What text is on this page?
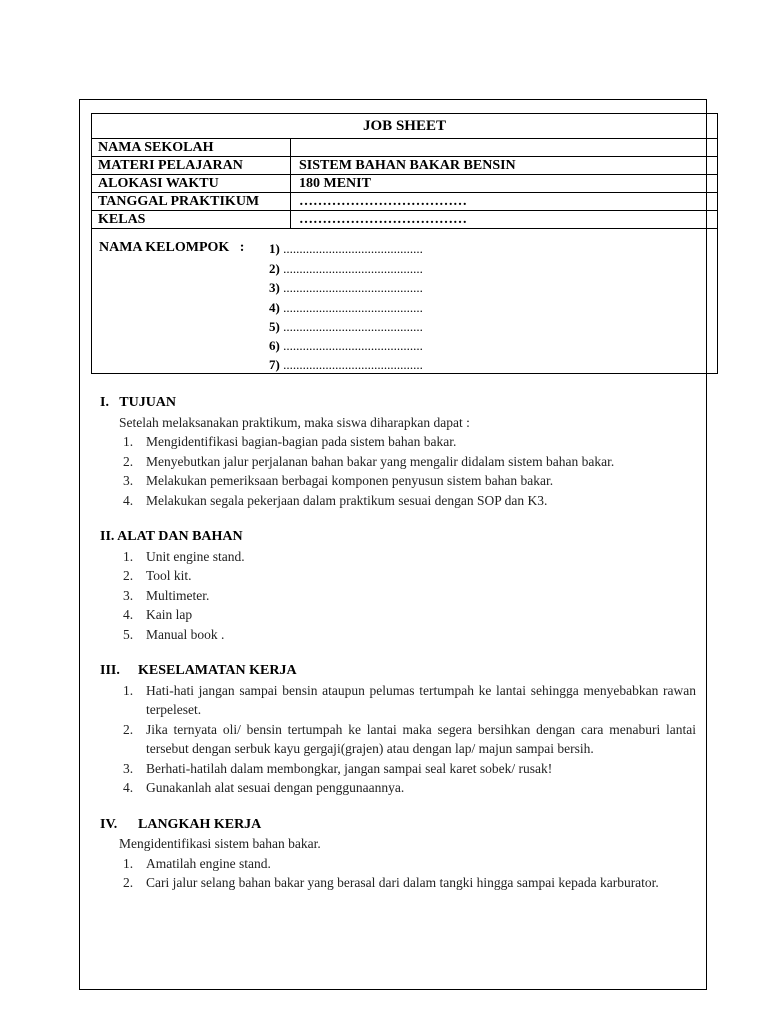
JOB SHEET
NAMA SEKOLAH
MATERI PELAJARAN	SISTEM BAHAN BAKAR BENSIN
ALOKASI WAKTU	180 MENIT
TANGGAL PRAKTIKUM	………………………………
KELAS	………………………………
NAMA KELOMPOK   : 1) ...........................................
2) ...........................................
3) ...........................................
4) ...........................................
5) ...........................................
6) ...........................................
7) ...........................................
I. TUJUAN
Setelah melaksanakan praktikum, maka siswa diharapkan dapat :
1. Mengidentifikasi bagian-bagian pada sistem bahan bakar.
2. Menyebutkan jalur perjalanan bahan bakar yang mengalir didalam sistem bahan bakar.
3. Melakukan pemeriksaan berbagai komponen penyusun sistem bahan bakar.
4. Melakukan segala pekerjaan dalam praktikum sesuai dengan SOP dan K3.
II. ALAT DAN BAHAN
1. Unit engine stand.
2. Tool kit.
3. Multimeter.
4. Kain lap
5. Manual book .
III. KESELAMATAN KERJA
1. Hati-hati jangan sampai bensin ataupun pelumas tertumpah ke lantai sehingga menyebabkan rawan terpeleset.
2. Jika ternyata oli/ bensin tertumpah ke lantai maka segera bersihkan dengan cara menaburi lantai tersebut dengan serbuk kayu gergaji(grajen) atau dengan lap/ majun sampai bersih.
3. Berhati-hatilah dalam membongkar, jangan sampai seal karet sobek/ rusak!
4. Gunakanlah alat sesuai dengan penggunaannya.
IV. LANGKAH KERJA
Mengidentifikasi sistem bahan bakar.
1. Amatilah engine stand.
2. Cari jalur selang bahan bakar yang berasal dari dalam tangki hingga sampai kepada karburator.
